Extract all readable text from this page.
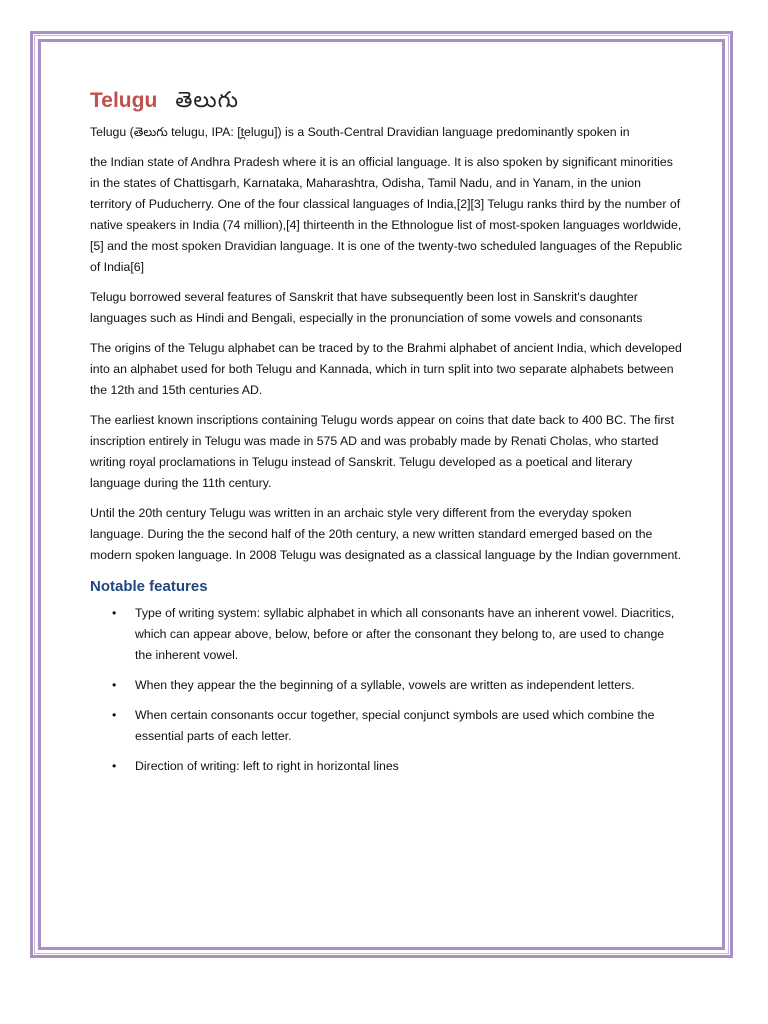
Telugu తెలుగు

Telugu (తెలుగు telugu, IPA: [t̪elugu]) is a South-Central Dravidian language predominantly spoken in

the Indian state of Andhra Pradesh where it is an official language. It is also spoken by significant minorities in the states of Chattisgarh, Karnataka, Maharashtra, Odisha, Tamil Nadu, and in Yanam, in the union territory of Puducherry. One of the four classical languages of India,[2][3] Telugu ranks third by the number of native speakers in India (74 million),[4] thirteenth in the Ethnologue list of most-spoken languages worldwide,[5] and the most spoken Dravidian language. It is one of the twenty-two scheduled languages of the Republic of India[6]

Telugu borrowed several features of Sanskrit that have subsequently been lost in Sanskrit's daughter languages such as Hindi and Bengali, especially in the pronunciation of some vowels and consonants

The origins of the Telugu alphabet can be traced by to the Brahmi alphabet of ancient India, which developed into an alphabet used for both Telugu and Kannada, which in turn split into two separate alphabets between the 12th and 15th centuries AD.

The earliest known inscriptions containing Telugu words appear on coins that date back to 400 BC. The first inscription entirely in Telugu was made in 575 AD and was probably made by Renati Cholas, who started writing royal proclamations in Telugu instead of Sanskrit. Telugu developed as a poetical and literary language during the 11th century.

Until the 20th century Telugu was written in an archaic style very different from the everyday spoken language. During the the second half of the 20th century, a new written standard emerged based on the modern spoken language. In 2008 Telugu was designated as a classical language by the Indian government.

Notable features
• Type of writing system: syllabic alphabet in which all consonants have an inherent vowel. Diacritics, which can appear above, below, before or after the consonant they belong to, are used to change the inherent vowel.
• When they appear the the beginning of a syllable, vowels are written as independent letters.
• When certain consonants occur together, special conjunct symbols are used which combine the essential parts of each letter.
• Direction of writing: left to right in horizontal lines
